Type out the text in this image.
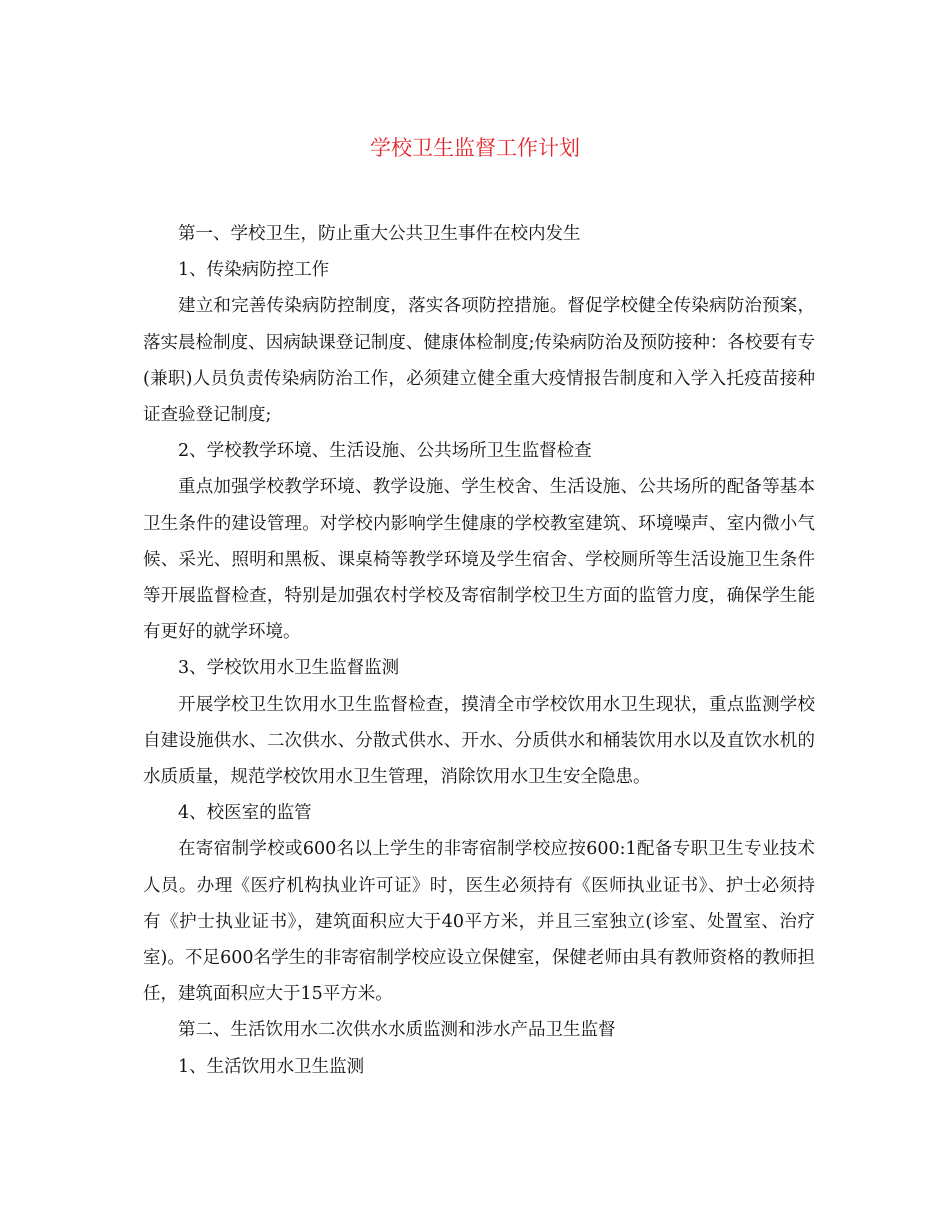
学校卫生监督工作计划

第一、学校卫生，防止重大公共卫生事件在校内发生

1、传染病防控工作

建立和完善传染病防控制度，落实各项防控措施。督促学校健全传染病防治预案，落实晨检制度、因病缺课登记制度、健康体检制度;传染病防治及预防接种：各校要有专(兼职)人员负责传染病防治工作，必须建立健全重大疫情报告制度和入学入托疫苗接种证查验登记制度;

2、学校教学环境、生活设施、公共场所卫生监督检查

重点加强学校教学环境、教学设施、学生校舍、生活设施、公共场所的配备等基本卫生条件的建设管理。对学校内影响学生健康的学校教室建筑、环境噪声、室内微小气候、采光、照明和黑板、课桌椅等教学环境及学生宿舍、学校厕所等生活设施卫生条件等开展监督检查，特别是加强农村学校及寄宿制学校卫生方面的监管力度，确保学生能有更好的就学环境。

3、学校饮用水卫生监督监测

开展学校卫生饮用水卫生监督检查，摸清全市学校饮用水卫生现状，重点监测学校自建设施供水、二次供水、分散式供水、开水、分质供水和桶装饮用水以及直饮水机的水质质量，规范学校饮用水卫生管理，消除饮用水卫生安全隐患。

4、校医室的监管

在寄宿制学校或600名以上学生的非寄宿制学校应按600:1配备专职卫生专业技术人员。办理《医疗机构执业许可证》时，医生必须持有《医师执业证书》、护士必须持有《护士执业证书》，建筑面积应大于40平方米，并且三室独立(诊室、处置室、治疗室)。不足600名学生的非寄宿制学校应设立保健室，保健老师由具有教师资格的教师担任，建筑面积应大于15平方米。

第二、生活饮用水二次供水水质监测和涉水产品卫生监督

1、生活饮用水卫生监测
